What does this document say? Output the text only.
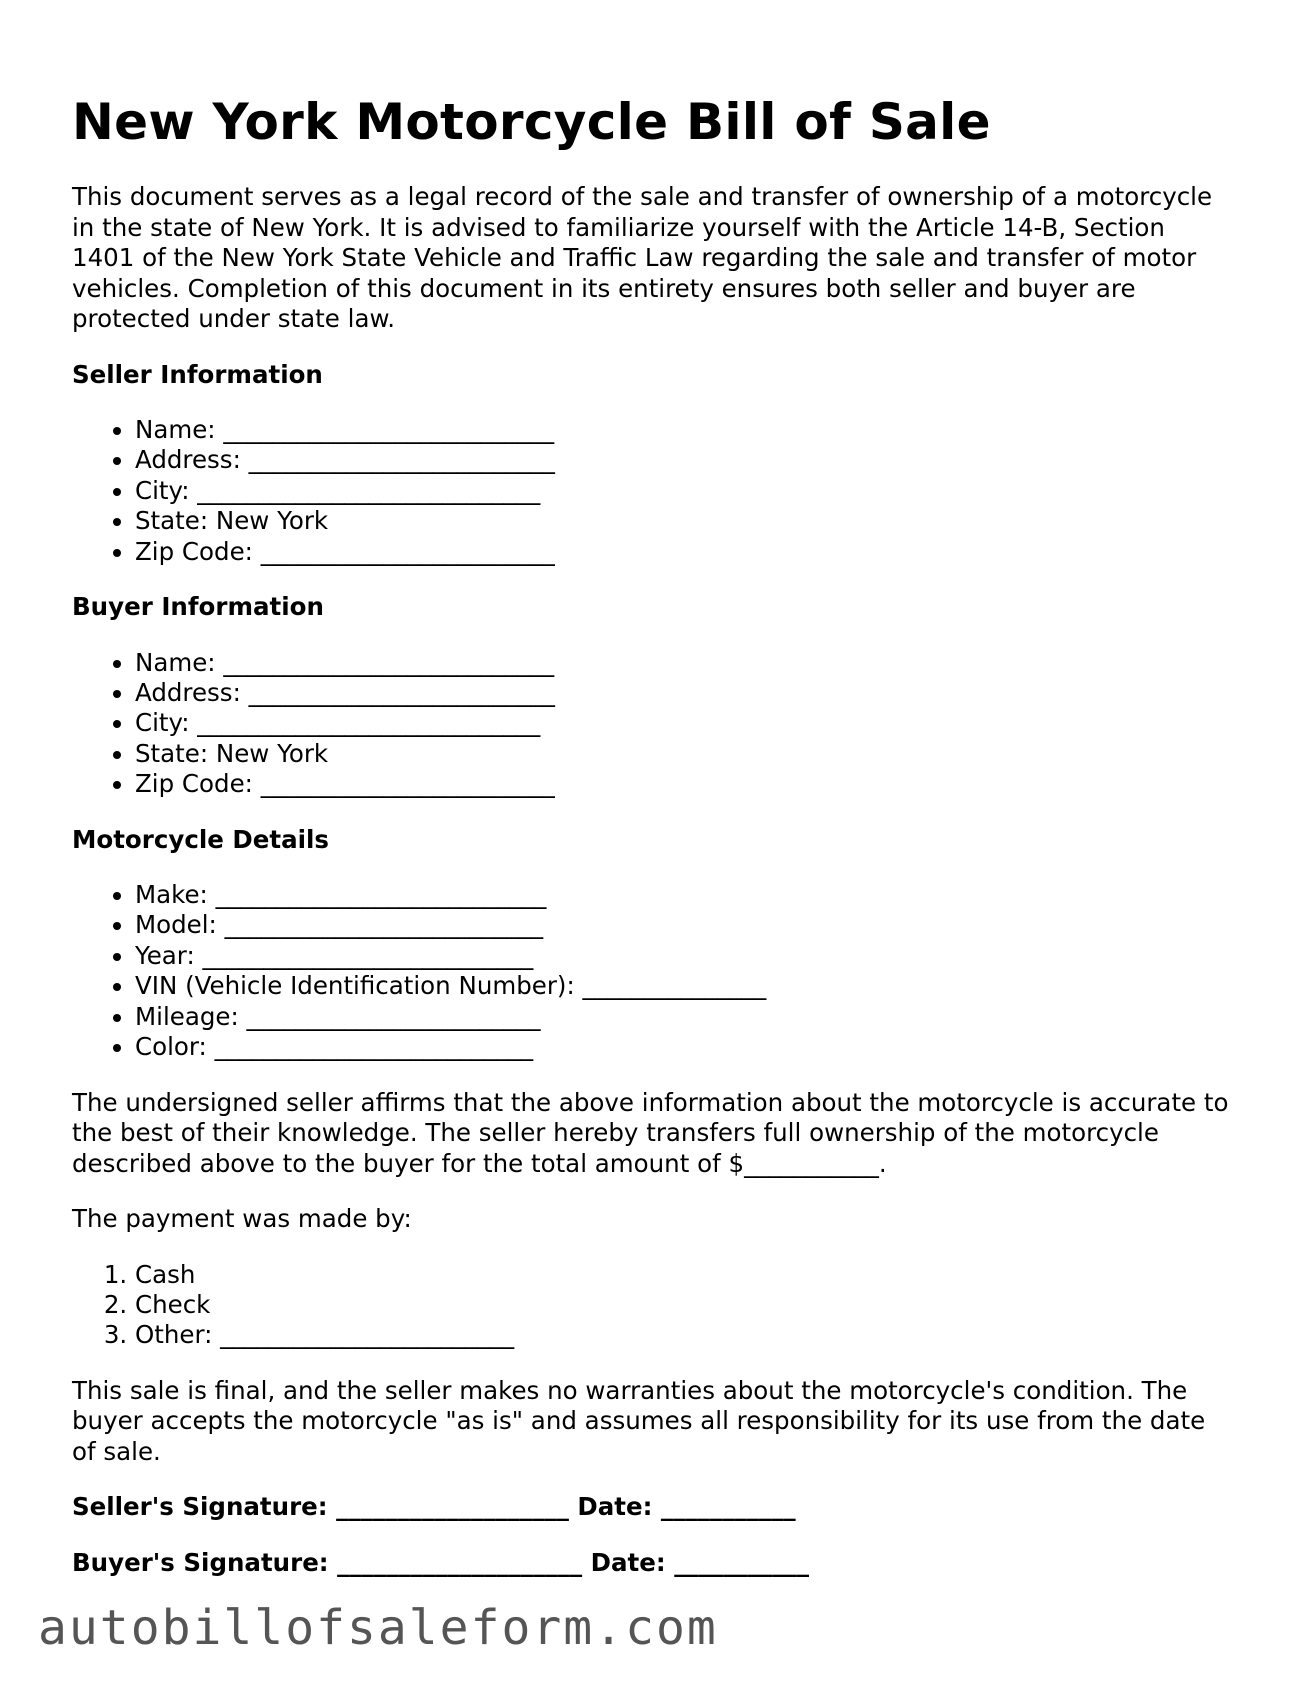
New York Motorcycle Bill of Sale

This document serves as a legal record of the sale and transfer of ownership of a motorcycle in the state of New York. It is advised to familiarize yourself with the Article 14-B, Section 1401 of the New York State Vehicle and Traffic Law regarding the sale and transfer of motor vehicles. Completion of this document in its entirety ensures both seller and buyer are protected under state law.

Seller Information
• Name: ___________________________
• Address: _________________________
• City: ____________________________
• State: New York
• Zip Code: ________________________
Buyer Information
• Name: ___________________________
• Address: _________________________
• City: ____________________________
• State: New York
• Zip Code: ________________________
Motorcycle Details
• Make: ___________________________
• Model: __________________________
• Year: ___________________________
• VIN (Vehicle Identification Number): _______________
• Mileage: ________________________
• Color: __________________________

The undersigned seller affirms that the above information about the motorcycle is accurate to the best of their knowledge. The seller hereby transfers full ownership of the motorcycle described above to the buyer for the total amount of $___________.

The payment was made by:

1. Cash
2. Check
3. Other: ________________________

This sale is final, and the seller makes no warranties about the motorcycle's condition. The buyer accepts the motorcycle "as is" and assumes all responsibility for its use from the date of sale.

Seller's Signature: ___________________ Date: ___________
Buyer's Signature: ____________________ Date: ___________
autobillofsaleform.com
